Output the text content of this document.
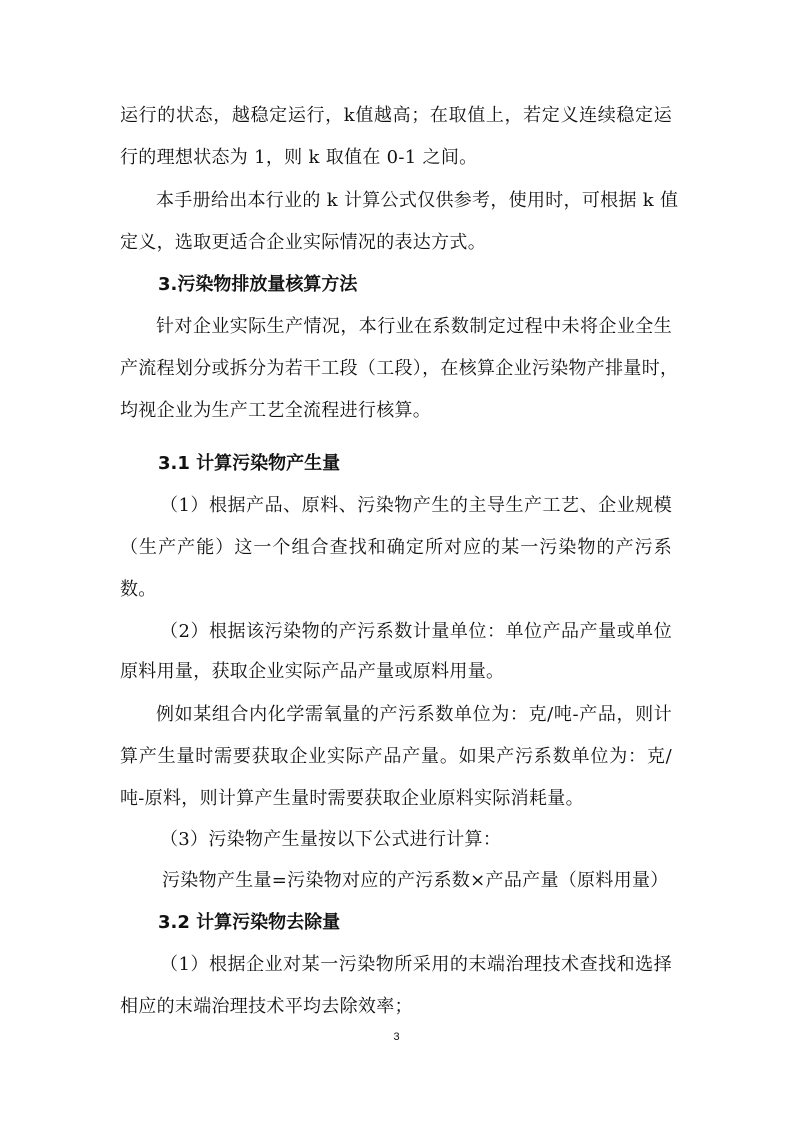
运行的状态，越稳定运行，k值越高；在取值上，若定义连续稳定运
行的理想状态为 1，则 k 取值在 0-1 之间。
本手册给出本行业的 k 计算公式仅供参考，使用时，可根据 k 值
定义，选取更适合企业实际情况的表达方式。
3.污染物排放量核算方法
针对企业实际生产情况，本行业在系数制定过程中未将企业全生
产流程划分或拆分为若干工段（工段），在核算企业污染物产排量时，
均视企业为生产工艺全流程进行核算。
3.1 计算污染物产生量
（1）根据产品、原料、污染物产生的主导生产工艺、企业规模
（生产产能）这一个组合查找和确定所对应的某一污染物的产污系
数。
（2）根据该污染物的产污系数计量单位：单位产品产量或单位
原料用量，获取企业实际产品产量或原料用量。
例如某组合内化学需氧量的产污系数单位为：克/吨-产品，则计
算产生量时需要获取企业实际产品产量。如果产污系数单位为：克/
吨-原料，则计算产生量时需要获取企业原料实际消耗量。
（3）污染物产生量按以下公式进行计算：
污染物产生量=污染物对应的产污系数×产品产量（原料用量）
3.2 计算污染物去除量
（1）根据企业对某一污染物所采用的末端治理技术查找和选择
相应的末端治理技术平均去除效率；
3
